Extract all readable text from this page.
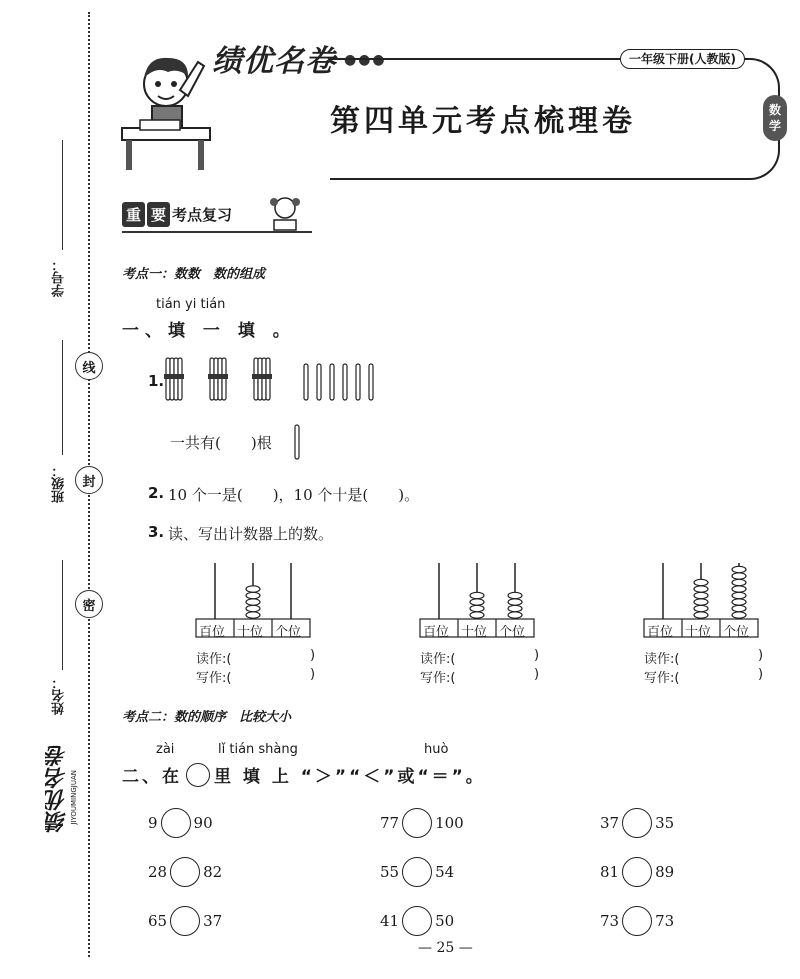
学号：
线
班级：	封
密
姓名：
绩优名卷 JIYOUMINGJUAN
绩优名卷 ●●●	一年级下册(人教版)
第四单元考点梳理卷	数
学
重 要 考点复习
考点一：数数　数的组成
tián yi tián
一、填 一 填 。
1.
一共有(　　)根
2. 10 个一是(　　)，10 个十是(　　)。
3. 读、写出计数器上的数。
百位 十位 个位	百位 十位 个位	百位 十位 个位
读作:(	)
写作:(	)
读作:(	)
写作:(	)
读作:(	)
写作:(	)
考点二：数的顺序　比较大小
zài	lǐ tián shàng	huò
二、在 里 填 上 “＞”“＜”或“＝”。
9 90	77 100	37 35
28 82	55 54	81 89
65 37	41 50	73 73
— 25 —
